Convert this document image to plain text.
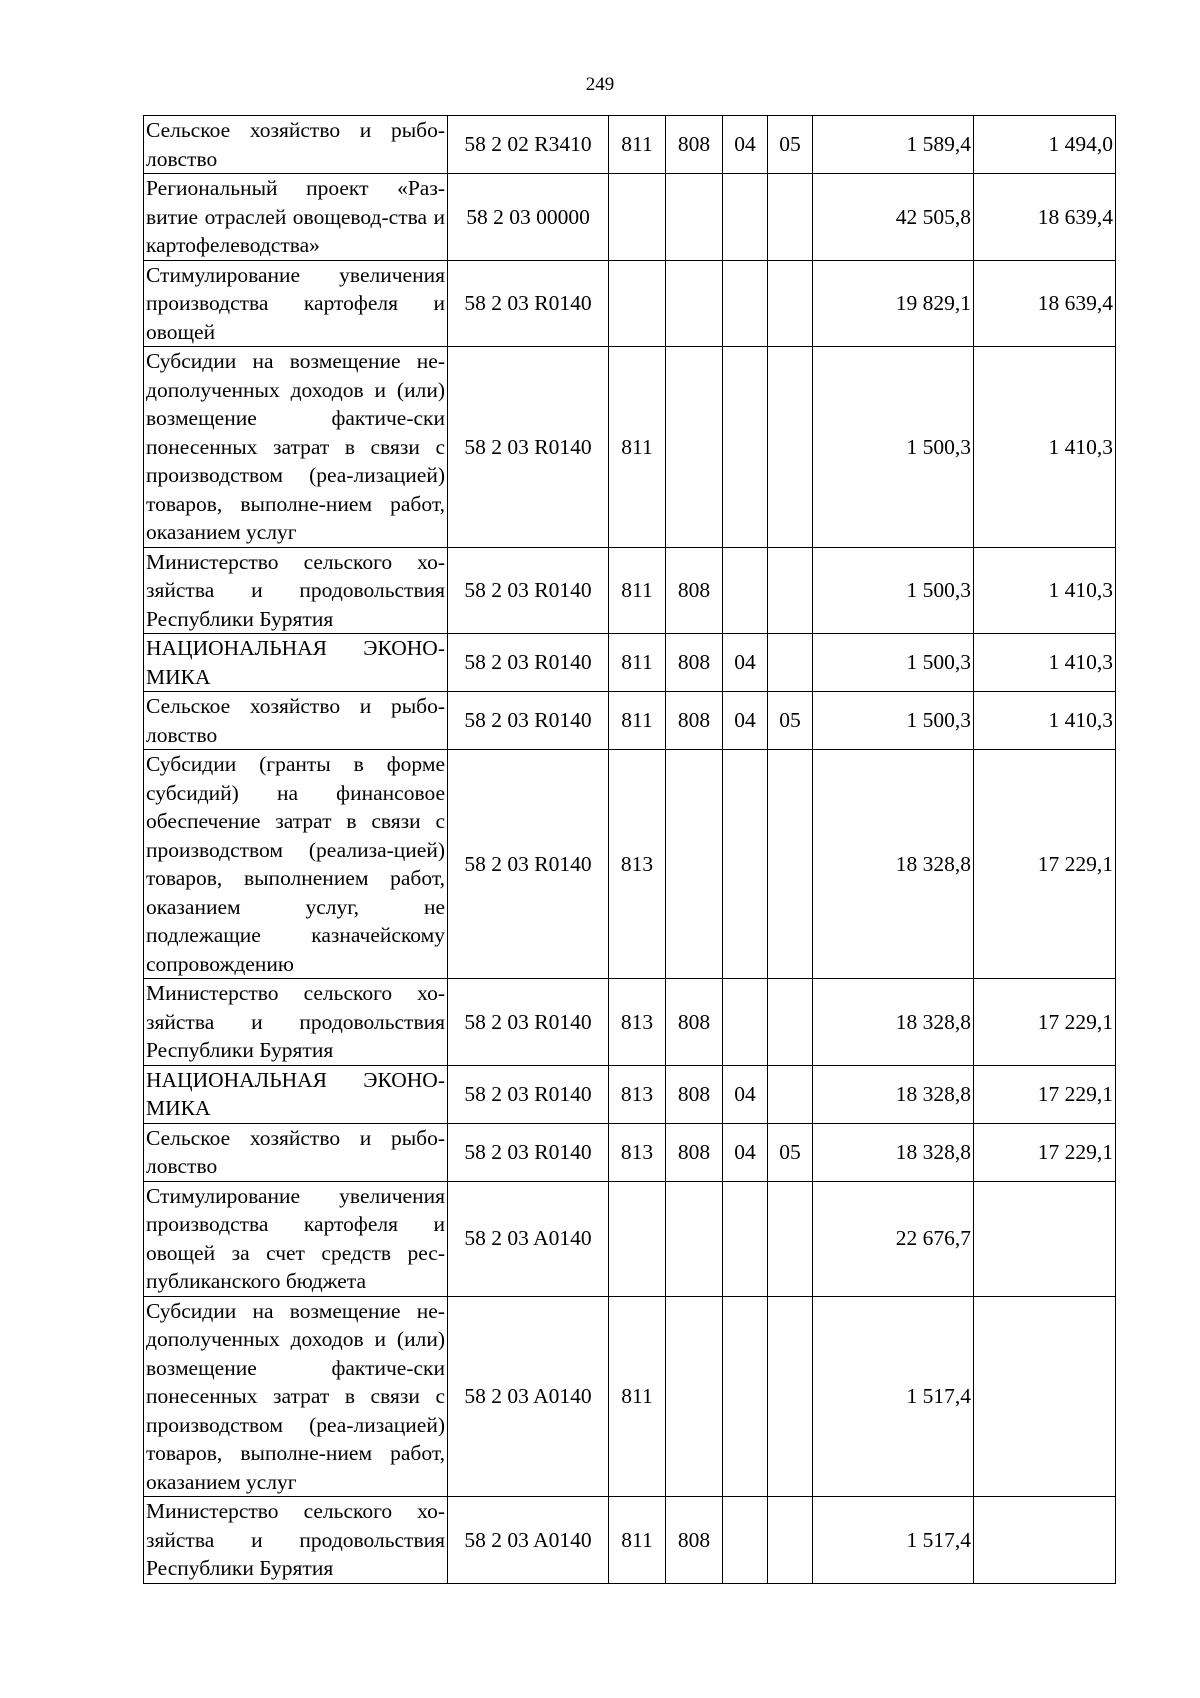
249
Сельское хозяйство и рыбо-ловство	58 2 02 R3410	811	808	04	05	1 589,4	1 494,0
Региональный проект «Раз-витие отраслей овощевод-ства и картофелеводства»	58 2 03 00000					42 505,8	18 639,4
Стимулирование увеличения производства картофеля и овощей	58 2 03 R0140					19 829,1	18 639,4
Субсидии на возмещение не-дополученных доходов и (или) возмещение фактиче-ски понесенных затрат в связи с производством (реа-лизацией) товаров, выполне-нием работ, оказанием услуг	58 2 03 R0140	811				1 500,3	1 410,3
Министерство сельского хо-зяйства и продовольствия Республики Бурятия	58 2 03 R0140	811	808			1 500,3	1 410,3
НАЦИОНАЛЬНАЯ ЭКОНО-МИКА	58 2 03 R0140	811	808	04		1 500,3	1 410,3
Сельское хозяйство и рыбо-ловство	58 2 03 R0140	811	808	04	05	1 500,3	1 410,3
Субсидии (гранты в форме субсидий) на финансовое обеспечение затрат в связи с производством (реализа-цией) товаров, выполнением работ, оказанием услуг, не подлежащие казначейскому сопровождению	58 2 03 R0140	813				18 328,8	17 229,1
Министерство сельского хо-зяйства и продовольствия Республики Бурятия	58 2 03 R0140	813	808			18 328,8	17 229,1
НАЦИОНАЛЬНАЯ ЭКОНО-МИКА	58 2 03 R0140	813	808	04		18 328,8	17 229,1
Сельское хозяйство и рыбо-ловство	58 2 03 R0140	813	808	04	05	18 328,8	17 229,1
Стимулирование увеличения производства картофеля и овощей за счет средств рес-публиканского бюджета	58 2 03 A0140					22 676,7	
Субсидии на возмещение не-дополученных доходов и (или) возмещение фактиче-ски понесенных затрат в связи с производством (реа-лизацией) товаров, выполне-нием работ, оказанием услуг	58 2 03 A0140	811				1 517,4	
Министерство сельского хо-зяйства и продовольствия Республики Бурятия	58 2 03 A0140	811	808			1 517,4	
